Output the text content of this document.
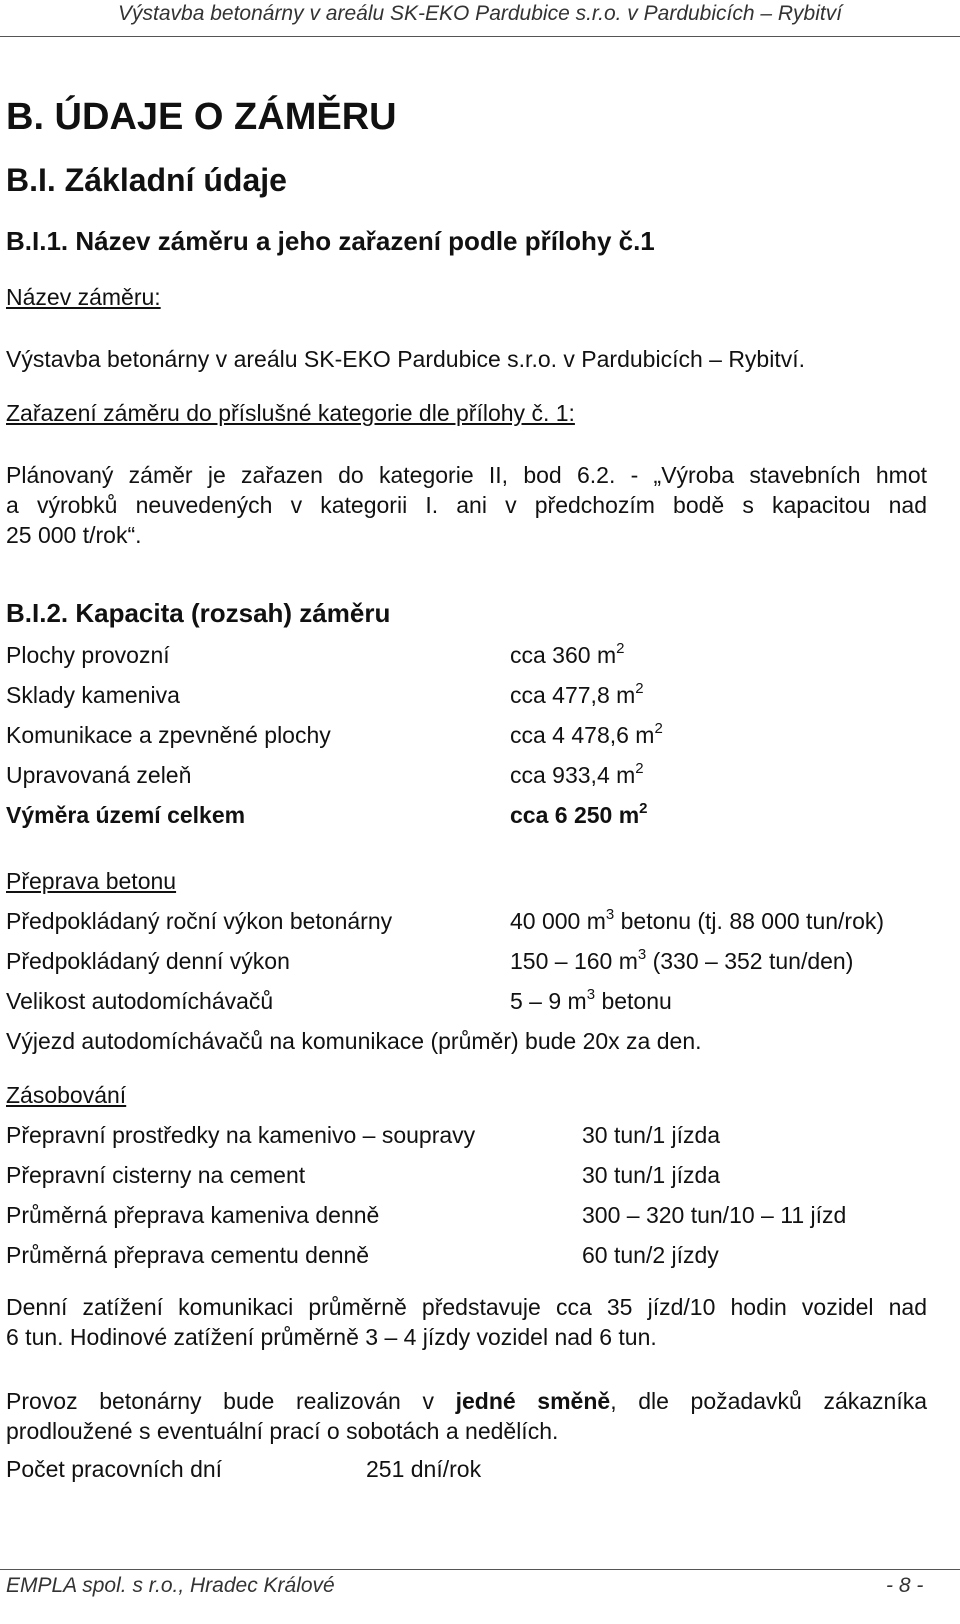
Výstavba betonárny v areálu SK-EKO Pardubice s.r.o. v Pardubicích – Rybitví
B. ÚDAJE O ZÁMĚRU
B.I. Základní údaje
B.I.1. Název záměru a jeho zařazení podle přílohy č.1
Název záměru:
Výstavba betonárny v areálu SK-EKO Pardubice s.r.o. v Pardubicích – Rybitví.
Zařazení záměru do příslušné kategorie dle přílohy č. 1:
Plánovaný záměr je zařazen do kategorie II, bod 6.2. - „Výroba stavebních hmot
a výrobků neuvedených v kategorii I. ani v předchozím bodě s kapacitou nad
25 000 t/rok“.
B.I.2. Kapacita (rozsah) záměru
Plochy provozní	cca 360 $m^2$
Sklady kameniva	cca 477,8 $m^2$
Komunikace a zpevněné plochy	cca 4 478,6 $m^2$
Upravovaná zeleň	cca 933,4 $m^2$
Výměra území celkem	cca 6 250 $m^2$
Přeprava betonu
Předpokládaný roční výkon betonárny	40 000 $m^3$ betonu (tj. 88 000 tun/rok)
Předpokládaný denní výkon	150 – 160 $m^3$ (330 – 352 tun/den)
Velikost autodomíchávačů	5 – 9 $m^3$ betonu
Výjezd autodomíchávačů na komunikace (průměr) bude 20x za den.
Zásobování
Přepravní prostředky na kamenivo – soupravy	30 tun/1 jízda
Přepravní cisterny na cement	30 tun/1 jízda
Průměrná přeprava kameniva denně	300 – 320 tun/10 – 11 jízd
Průměrná přeprava cementu denně	60 tun/2 jízdy
Denní zatížení komunikaci průměrně představuje cca 35 jízd/10 hodin vozidel nad
6 tun. Hodinové zatížení průměrně 3 – 4 jízdy vozidel nad 6 tun.
Provoz betonárny bude realizován v jedné směně, dle požadavků zákazníka
prodloužené s eventuální prací o sobotách a nedělích.
Počet pracovních dní	251 dní/rok
EMPLA spol. s r.o., Hradec Králové	- 8 -
